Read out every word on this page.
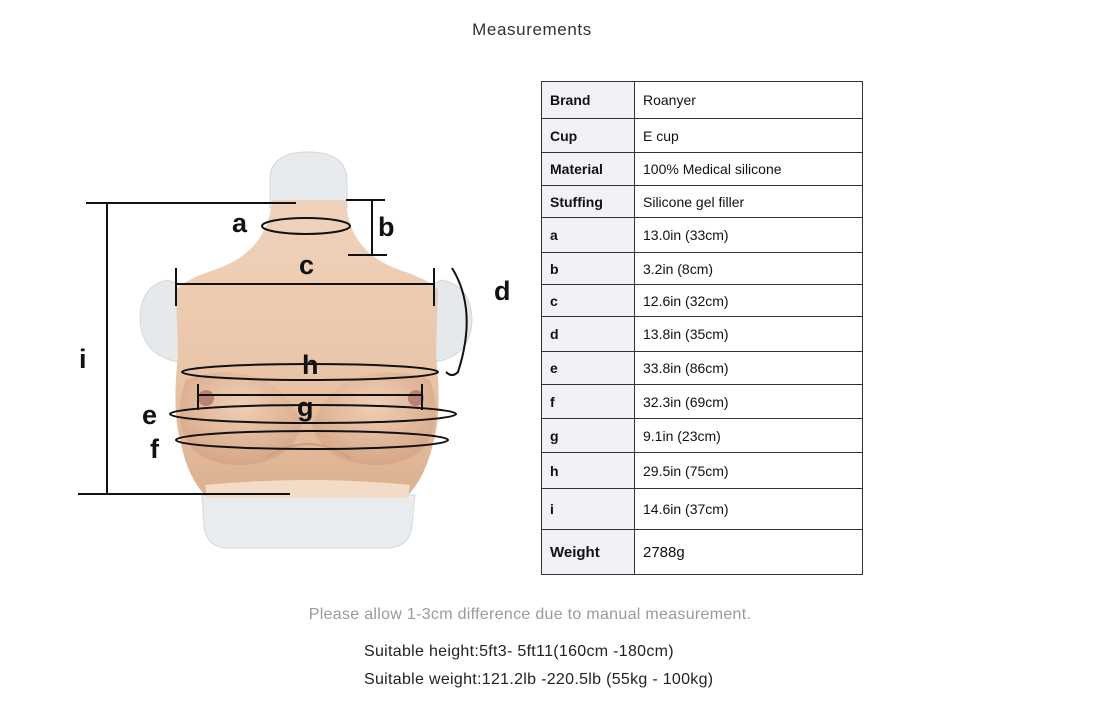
Measurements
a	b
c
d
e
f
g
h
i
Brand	Roanyer
Cup	E cup
Material	100% Medical silicone
Stuffing	Silicone gel filler
a	13.0in (33cm)
b	3.2in (8cm)
c	12.6in (32cm)
d	13.8in (35cm)
e	33.8in (86cm)
f	32.3in (69cm)
g	9.1in (23cm)
h	29.5in (75cm)
i	14.6in (37cm)
Weight	2788g
Please allow 1-3cm difference due to manual measurement.
Suitable height:5ft3- 5ft11(160cm -180cm)
Suitable weight:121.2lb -220.5lb (55kg - 100kg)
